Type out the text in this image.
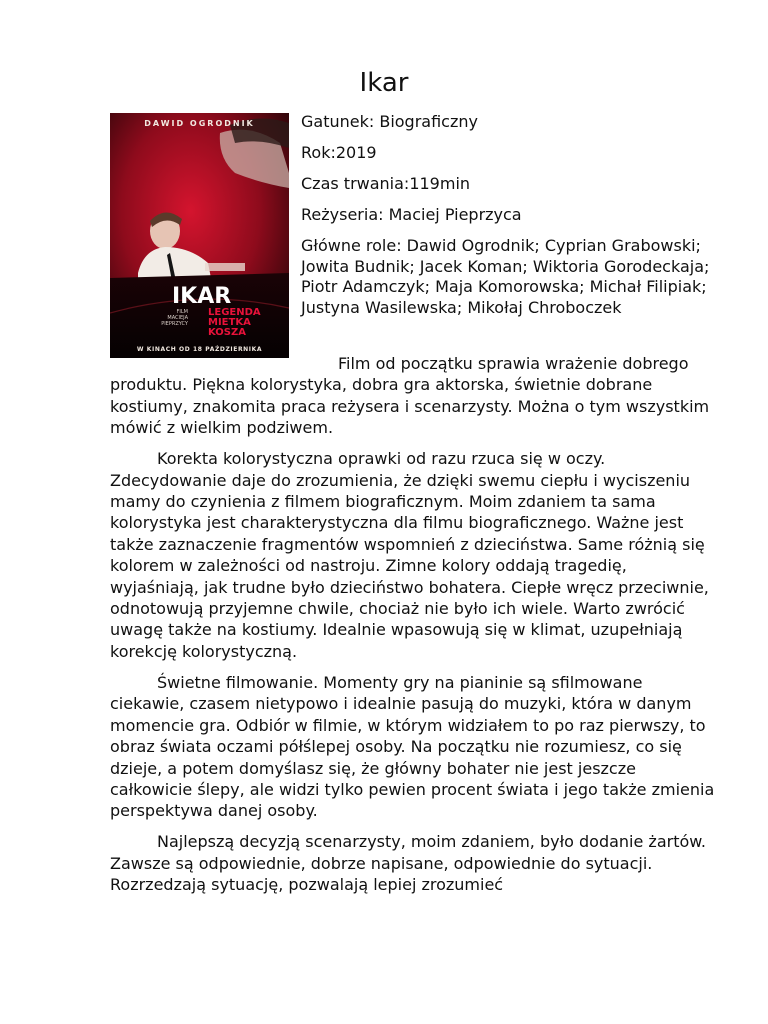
Ikar
DAWID OGRODNIK
IKAR
LEGENDA
MIETKA
KOSZA
FILM
MACIEJA
PIEPRZYCY
W KINACH OD 18 PAŹDZIERNIKA

Gatunek: Biograficzny

Rok:2019

Czas trwania:119min

Reżyseria: Maciej Pieprzyca

Główne role: Dawid Ogrodnik; Cyprian Grabowski; Jowita Budnik; Jacek Koman; Wiktoria Gorodeckaja; Piotr Adamczyk; Maja Komorowska; Michał Filipiak; Justyna Wasilewska; Mikołaj Chroboczek

Film od początku sprawia wrażenie dobrego produktu. Piękna kolorystyka, dobra gra aktorska, świetnie dobrane kostiumy, znakomita praca reżysera i scenarzysty. Można o tym wszystkim mówić z wielkim podziwem.

Korekta kolorystyczna oprawki od razu rzuca się w oczy. Zdecydowanie daje do zrozumienia, że dzięki swemu ciepłu i wyciszeniu mamy do czynienia z filmem biograficznym. Moim zdaniem ta sama kolorystyka jest charakterystyczna dla filmu biograficznego. Ważne jest także zaznaczenie fragmentów wspomnień z dzieciństwa. Same różnią się kolorem w zależności od nastroju. Zimne kolory oddają tragedię, wyjaśniają, jak trudne było dzieciństwo bohatera. Ciepłe wręcz przeciwnie, odnotowują przyjemne chwile, chociaż nie było ich wiele. Warto zwrócić uwagę także na kostiumy. Idealnie wpasowują się w klimat, uzupełniają korekcję kolorystyczną.

Świetne filmowanie. Momenty gry na pianinie są sfilmowane ciekawie, czasem nietypowo i idealnie pasują do muzyki, która w danym momencie gra. Odbiór w filmie, w którym widziałem to po raz pierwszy, to obraz świata oczami półślepej osoby. Na początku nie rozumiesz, co się dzieje, a potem domyślasz się, że główny bohater nie jest jeszcze całkowicie ślepy, ale widzi tylko pewien procent świata i jego także zmienia perspektywa danej osoby.

Najlepszą decyzją scenarzysty, moim zdaniem, było dodanie żartów. Zawsze są odpowiednie, dobrze napisane, odpowiednie do sytuacji. Rozrzedzają sytuację, pozwalają lepiej zrozumieć
